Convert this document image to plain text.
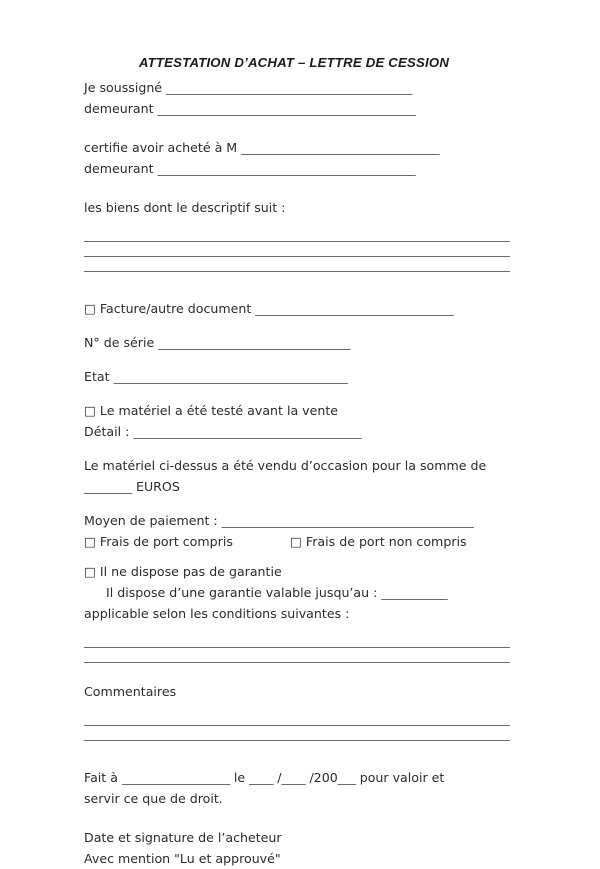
ATTESTATION D’ACHAT – LETTRE DE CESSION
Je soussigné _________________________________________
demeurant ___________________________________________
certifie avoir acheté à M _________________________________
demeurant ___________________________________________
les biens dont le descriptif suit :
_______________________________________________________________________
_______________________________________________________________________
_______________________________________________________________________
□ Facture/autre document _________________________________
N° de série ________________________________
Etat _______________________________________
□ Le matériel a été testé avant la vente
Détail : ______________________________________
Le matériel ci-dessus a été vendu d’occasion pour la somme de
________ EUROS
Moyen de paiement : __________________________________________
□ Frais de port compris	□ Frais de port non compris
□ Il ne dispose pas de garantie
Il dispose d’une garantie valable jusqu’au : ___________
applicable selon les conditions suivantes :
_______________________________________________________________________
_______________________________________________________________________
Commentaires
_______________________________________________________________________
_______________________________________________________________________
Fait à __________________ le ____ /____ /200___ pour valoir et
servir ce que de droit.
Date et signature de l’acheteur
Avec mention "Lu et approuvé"
